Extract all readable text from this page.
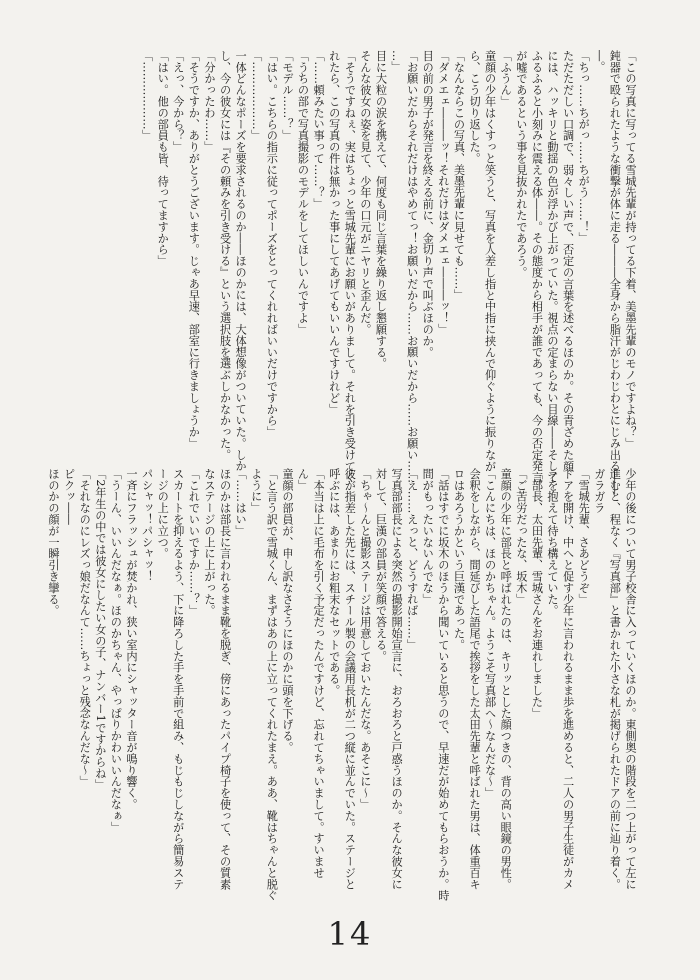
「この写真に写ってる雪城先輩が持ってる下着、美墨先輩のモノですよね？」
鈍器で殴られたような衝撃が体に走る―――全身から脂汗がじわじわとにじみ出る――
―。
「ちっ……ちがっ……ちがう……！」
ただただしい口調で、弱々しい声で、否定の言葉を述べるほのか。その青ざめた顔
には、ハッキリと動揺の色が浮かび上がっていた。視点の定まらない目線――そして
ふるふると小刻みに震える体――。その態度から相手が誰であっても、今の否定発言
が嘘であるという事を見抜かれたであろう。
「ふうん」
童顔の少年はくすっと笑うと、写真を人差し指と中指に挟んで仰ぐように振りなが
ら、こう切り返した。
「なんならこの写真、美墨先輩に見せても……」
「ダメエェ―――ッ！それだけはダメエェ―――ッ！」
目の前の男子が発言を終える前に、金切り声で叫ぶほのか。
「お願いだからそれだけはやめてっ！お願いだから……お願いだから……お願い……
…」
目に大粒の涙を携えて、何度も同じ言葉を繰り返し懇願する。
そんな彼女の姿を見て、少年の口元がニヤリと歪んだ。
「そうですねぇ、実はちょっと雪城先輩にお願いがありまして。それを引き受けてく
れたら、この写真の件は無かった事にしてあげてもいいんですけれど」
「……頼みたい事って……？」
「うちの部で写真撮影のモデルをしてほしいんですよ」
「モデル……？」
「はい。こちらの指示に従ってポーズをとってくれればいいだけですから」
「………………」
一体どんなポーズを要求されるのか――ほのかには、大体想像がついていた。しか
し、今の彼女には『その頼みを引き受ける』という選択肢を選ぶしかなかった。
「分かったわ……」
「そうですか、ありがとうございます。じゃあ早速、部室に行きましょうか」
「えっ、今から？」
「はい。他の部員も皆、待ってますから」
「………………」
少年の後について男子校舎に入っていくほのか。東側奥の階段を二つ上がって左に
進むと、程なく『写真部』と書かれた小さな札が掲げられたドアの前に辿り着く。
ガラガラ
「雪城先輩、さあどうぞ」
ドアを開け、中へと促す少年に言われるまま歩を進めると、二人の男子生徒がカメ
ラを抱えて待ち構えていた。
「部長、太田先輩、雪城さんをお連れしました」
「ご苦労だったな、坂木」
童顔の少年に部長と呼ばれたのは、キリッとした顔つきの、背の高い眼鏡の男性。
「こんにちは、ほのかちゃん。ようこそ写真部へ〜なんだな〜」
会釈をしながら、間延びした語尾で挨拶をした太田先輩と呼ばれた男は、体重百キ
ロはあろうかという巨漢であった。
「話はすでに坂木のほうから聞いていると思うので、早速だが始めてもらおうか。時
間がもったいないんでな」
「え……えっと、どうすれば……」
写真部部長による突然の撮影開始宣言に、おろおろと戸惑うほのか。そんな彼女に
対して、巨漢の部員が笑顔で答える。
「ちゃ〜んと撮影ステージは用意しておいたんだな。あそこに〜」
彼が指差した先には、スチール製の会議用長机が二つ縦に並んでいた。ステージと
呼ぶには、あまりにお粗末なセットである。
「本当は上に毛布を引く予定だったんですけど、忘れてちゃいまして。すいませ
ん」
童顔の部員が、申し訳なさそうにほのかに頭を下げる。
「と言う訳で雪城くん、まずはあの上に立ってくれたまえ。ああ、靴はちゃんと脱ぐ
ように」
「……はい」
ほのかは部長に言われるまま靴を脱ぎ、傍にあったパイプ椅子を使って、その質素
なステージの上に上がった。
「これでいいですか……？」
スカートを抑えるよう、下に降ろした手を手前で組み、もじもじしながら簡易ステ
ージの上に立つ。
パシャッ！パシャッ！
一斉にフラッシュが焚かれ、狭い室内にシャッター音が鳴り響く。
「うーん、いいんだなぁ。ほのかちゃん、やっぱりかわいいんだなぁ」
「2年生の中では彼女にしたい女の子、ナンバー1ですからね」
「それなのにレズっ娘だなんて……ちょっと残念なんだな〜」
ピクッ――
ほのかの顔が一瞬引き攣る。
14
